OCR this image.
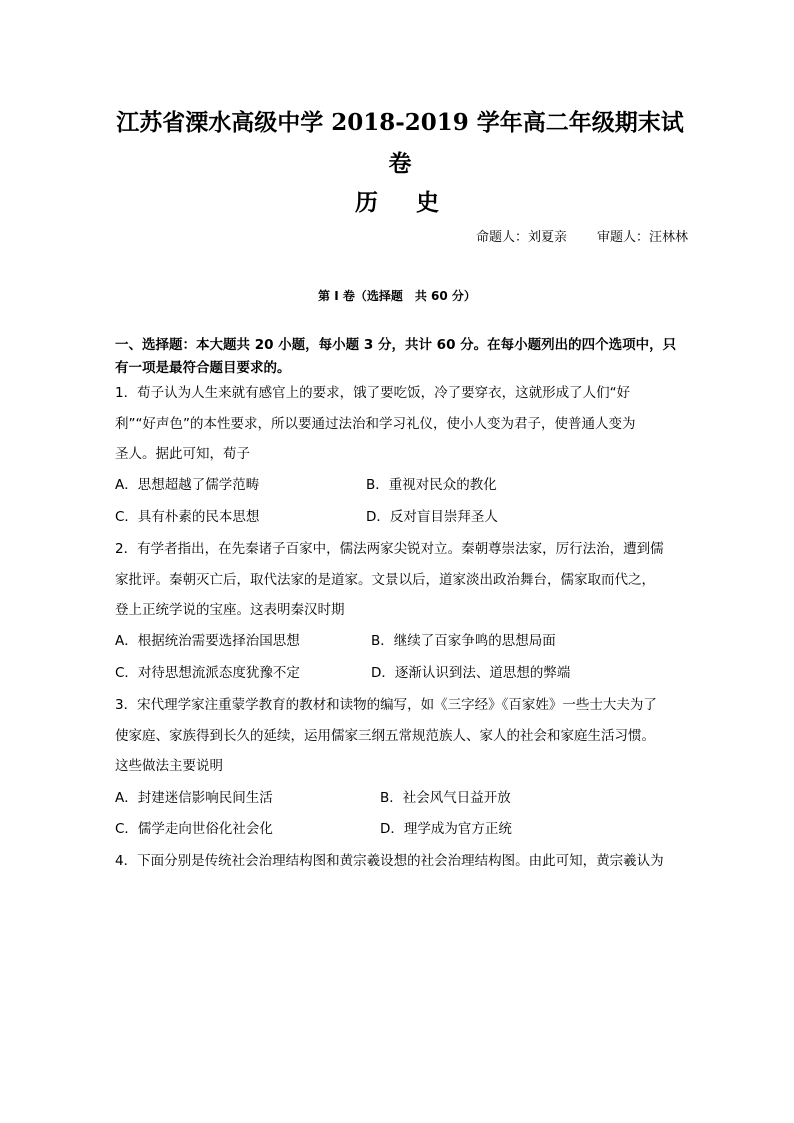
江苏省溧水高级中学 2018-2019 学年高二年级期末试
卷
历 史
命题人：刘夏亲 审题人：汪林林
第 I 卷（选择题　共 60 分）
一、选择题：本大题共 20 小题，每小题 3 分，共计 60 分。在每小题列出的四个选项中，只
有一项是最符合题目要求的。
1．荀子认为人生来就有感官上的要求，饿了要吃饭，冷了要穿衣，这就形成了人们“好
利”“好声色”的本性要求，所以要通过法治和学习礼仪，使小人变为君子，使普通人变为
圣人。据此可知，荀子
A．思想超越了儒学范畴	B．重视对民众的教化
C．具有朴素的民本思想	D．反对盲目崇拜圣人
2．有学者指出，在先秦诸子百家中，儒法两家尖锐对立。秦朝尊崇法家，厉行法治，遭到儒
家批评。秦朝灭亡后，取代法家的是道家。文景以后，道家淡出政治舞台，儒家取而代之，
登上正统学说的宝座。这表明秦汉时期
A．根据统治需要选择治国思想	B．继续了百家争鸣的思想局面
C．对待思想流派态度犹豫不定	D．逐渐认识到法、道思想的弊端
3．宋代理学家注重蒙学教育的教材和读物的编写，如《三字经》《百家姓》一些士大夫为了
使家庭、家族得到长久的延续，运用儒家三纲五常规范族人、家人的社会和家庭生活习惯。
这些做法主要说明
A．封建迷信影响民间生活	B．社会风气日益开放
C．儒学走向世俗化社会化	D．理学成为官方正统
4．下面分别是传统社会治理结构图和黄宗羲设想的社会治理结构图。由此可知，黄宗羲认为
